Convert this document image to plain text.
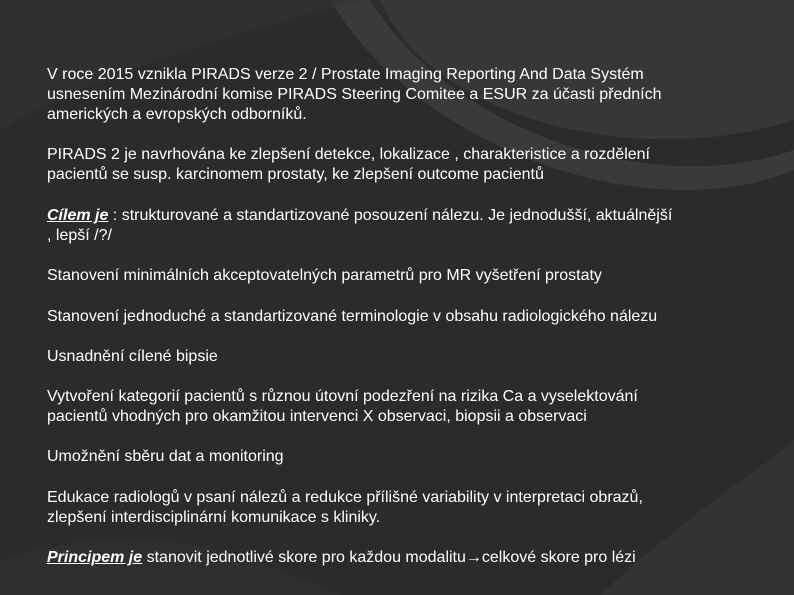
V roce 2015 vznikla PIRADS verze 2 / Prostate Imaging Reporting And Data Systém
usnesením Mezinárodní komise PIRADS Steering Comitee a ESUR za účasti předních
amerických a evropských odborníků.
PIRADS 2 je navrhována ke zlepšení detekce, lokalizace , charakteristice a rozdělení
pacientů se susp. karcinomem prostaty, ke zlepšení outcome pacientů
Cílem je : strukturované a standartizované posouzení nálezu. Je jednodušší, aktuálnější
, lepší /?/
Stanovení minimálních akceptovatelných parametrů pro MR vyšetření prostaty
Stanovení jednoduché a standartizované terminologie v obsahu radiologického nálezu
Usnadnění cílené bipsie
Vytvoření kategorií pacientů s různou útovní podezření na rizika Ca a vyselektování
pacientů vhodných pro okamžitou intervenci X observaci, biopsii a observaci
Umožnění sběru dat a monitoring
Edukace radiologů v psaní nálezů a redukce přílišné variability v interpretaci obrazů,
zlepšení interdisciplinární komunikace s kliniky.
Principem je stanovit jednotlivé skore pro každou modalitu→celkové skore pro lézi
